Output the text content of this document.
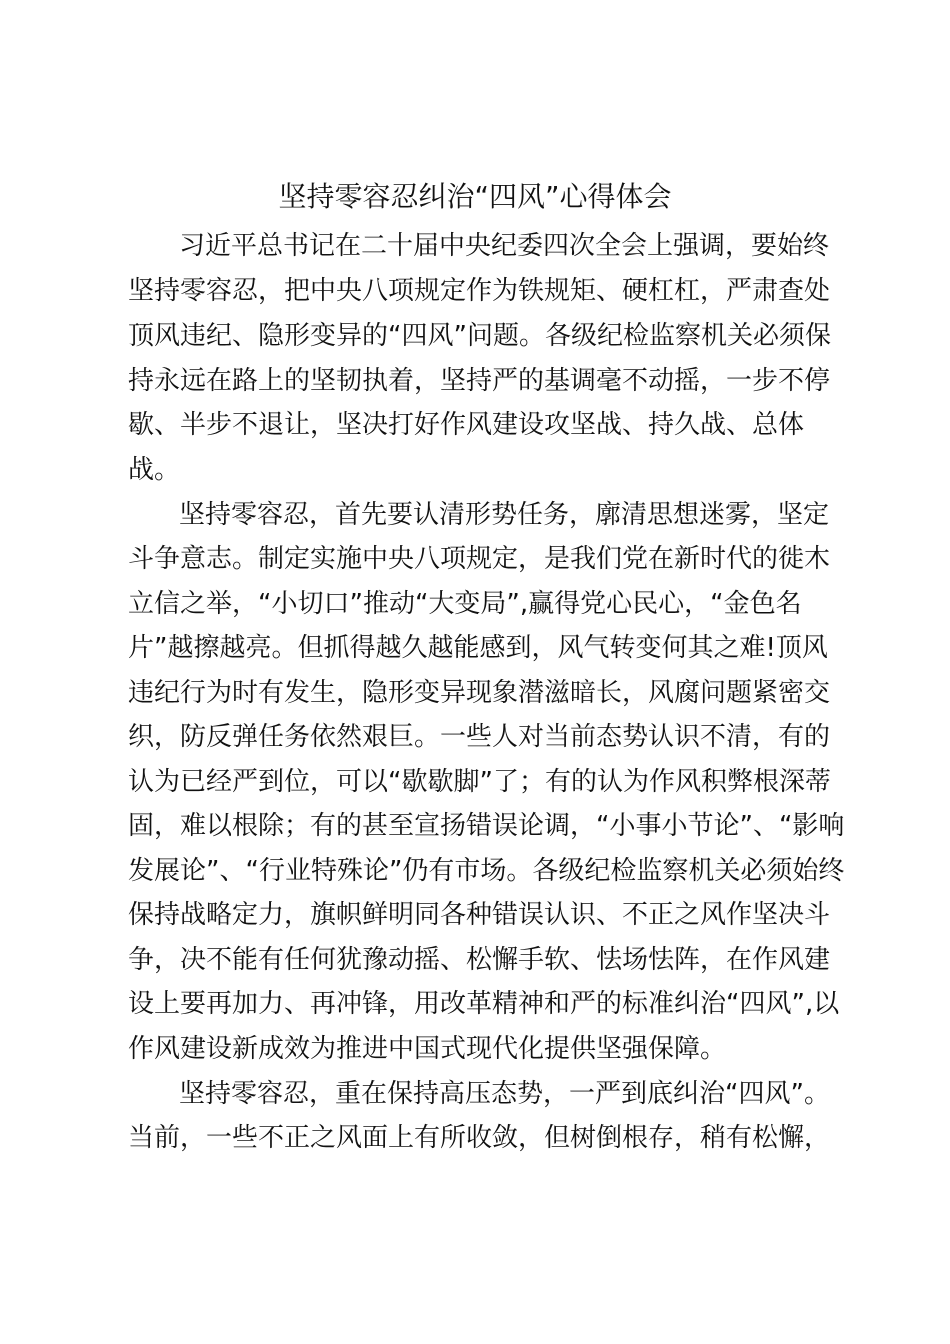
坚持零容忍纠治“四风”心得体会
习近平总书记在二十届中央纪委四次全会上强调，要始终
坚持零容忍，把中央八项规定作为铁规矩、硬杠杠，严肃查处
顶风违纪、隐形变异的“四风”问题。各级纪检监察机关必须保
持永远在路上的坚韧执着，坚持严的基调毫不动摇，一步不停
歇、半步不退让，坚决打好作风建设攻坚战、持久战、总体
战。
坚持零容忍，首先要认清形势任务，廓清思想迷雾，坚定
斗争意志。制定实施中央八项规定，是我们党在新时代的徙木
立信之举，“小切口”推动“大变局”,赢得党心民心，“金色名
片”越擦越亮。但抓得越久越能感到，风气转变何其之难!顶风
违纪行为时有发生，隐形变异现象潜滋暗长，风腐问题紧密交
织，防反弹任务依然艰巨。一些人对当前态势认识不清，有的
认为已经严到位，可以“歇歇脚”了；有的认为作风积弊根深蒂
固，难以根除；有的甚至宣扬错误论调，“小事小节论”、“影响
发展论”、“行业特殊论”仍有市场。各级纪检监察机关必须始终
保持战略定力，旗帜鲜明同各种错误认识、不正之风作坚决斗
争，决不能有任何犹豫动摇、松懈手软、怯场怯阵，在作风建
设上要再加力、再冲锋，用改革精神和严的标准纠治“四风”,以
作风建设新成效为推进中国式现代化提供坚强保障。
坚持零容忍，重在保持高压态势，一严到底纠治“四风”。
当前，一些不正之风面上有所收敛，但树倒根存，稍有松懈，
